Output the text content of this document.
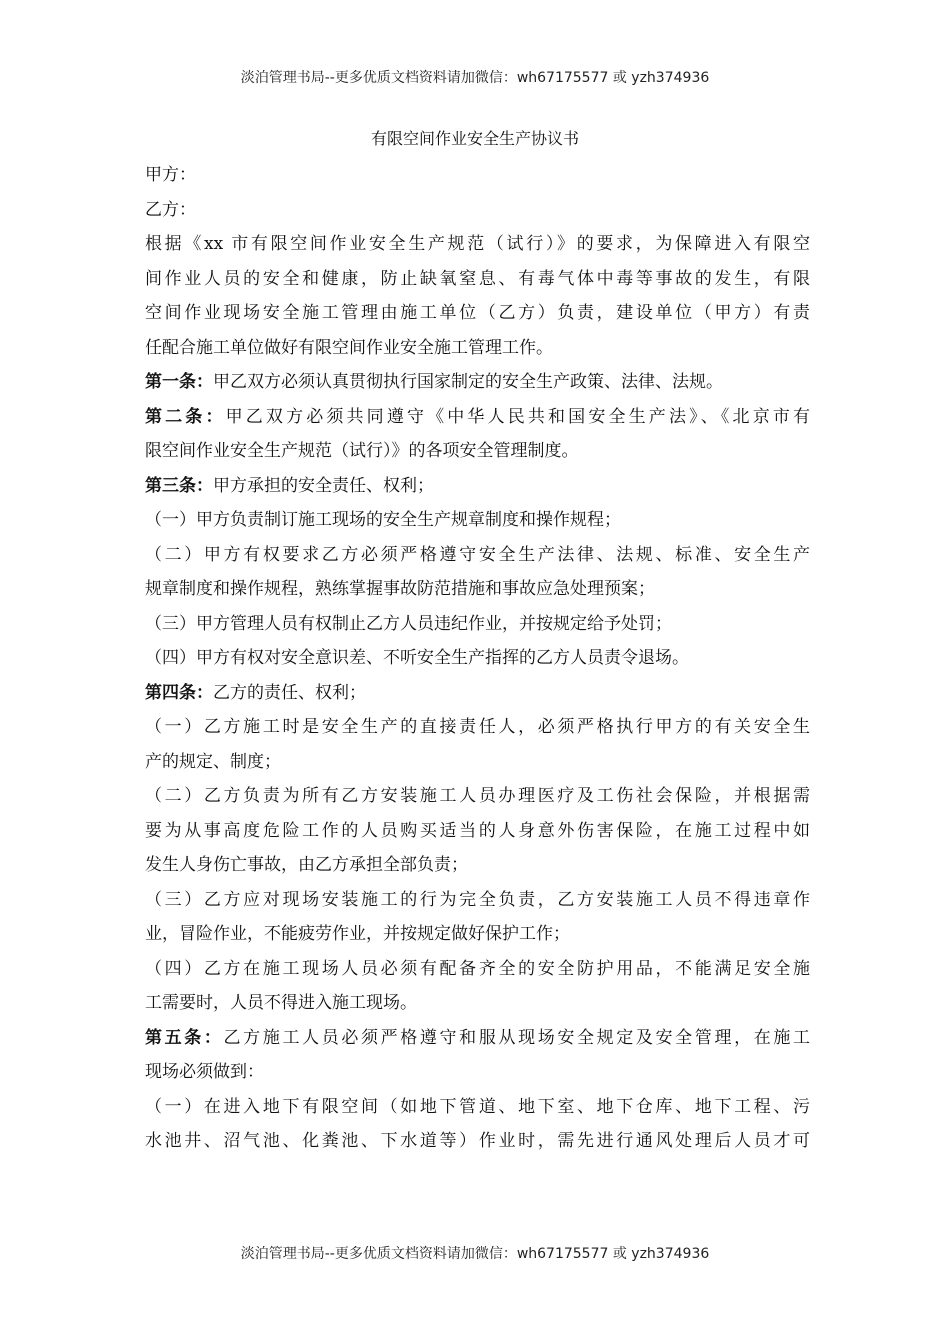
淡泊管理书局--更多优质文档资料请加微信：wh67175577 或 yzh374936
有限空间作业安全生产协议书
甲方：
乙方：
根据《xx 市有限空间作业安全生产规范（试行）》的要求，为保障进入有限空
间作业人员的安全和健康，防止缺氧窒息、有毒气体中毒等事故的发生，有限
空间作业现场安全施工管理由施工单位（乙方）负责，建设单位（甲方）有责
任配合施工单位做好有限空间作业安全施工管理工作。
第一条：甲乙双方必须认真贯彻执行国家制定的安全生产政策、法律、法规。
第二条：甲乙双方必须共同遵守《中华人民共和国安全生产法》、《北京市有
限空间作业安全生产规范（试行）》的各项安全管理制度。
第三条：甲方承担的安全责任、权利；
（一）甲方负责制订施工现场的安全生产规章制度和操作规程；
（二）甲方有权要求乙方必须严格遵守安全生产法律、法规、标准、安全生产
规章制度和操作规程，熟练掌握事故防范措施和事故应急处理预案；
（三）甲方管理人员有权制止乙方人员违纪作业，并按规定给予处罚；
（四）甲方有权对安全意识差、不听安全生产指挥的乙方人员责令退场。
第四条：乙方的责任、权利；
（一）乙方施工时是安全生产的直接责任人，必须严格执行甲方的有关安全生
产的规定、制度；
（二）乙方负责为所有乙方安装施工人员办理医疗及工伤社会保险，并根据需
要为从事高度危险工作的人员购买适当的人身意外伤害保险，在施工过程中如
发生人身伤亡事故，由乙方承担全部负责；
（三）乙方应对现场安装施工的行为完全负责，乙方安装施工人员不得违章作
业，冒险作业，不能疲劳作业，并按规定做好保护工作；
（四）乙方在施工现场人员必须有配备齐全的安全防护用品，不能满足安全施
工需要时，人员不得进入施工现场。
第五条：乙方施工人员必须严格遵守和服从现场安全规定及安全管理，在施工
现场必须做到：
（一）在进入地下有限空间（如地下管道、地下室、地下仓库、地下工程、污
水池井、沼气池、化粪池、下水道等）作业时，需先进行通风处理后人员才可
淡泊管理书局--更多优质文档资料请加微信：wh67175577 或 yzh374936
